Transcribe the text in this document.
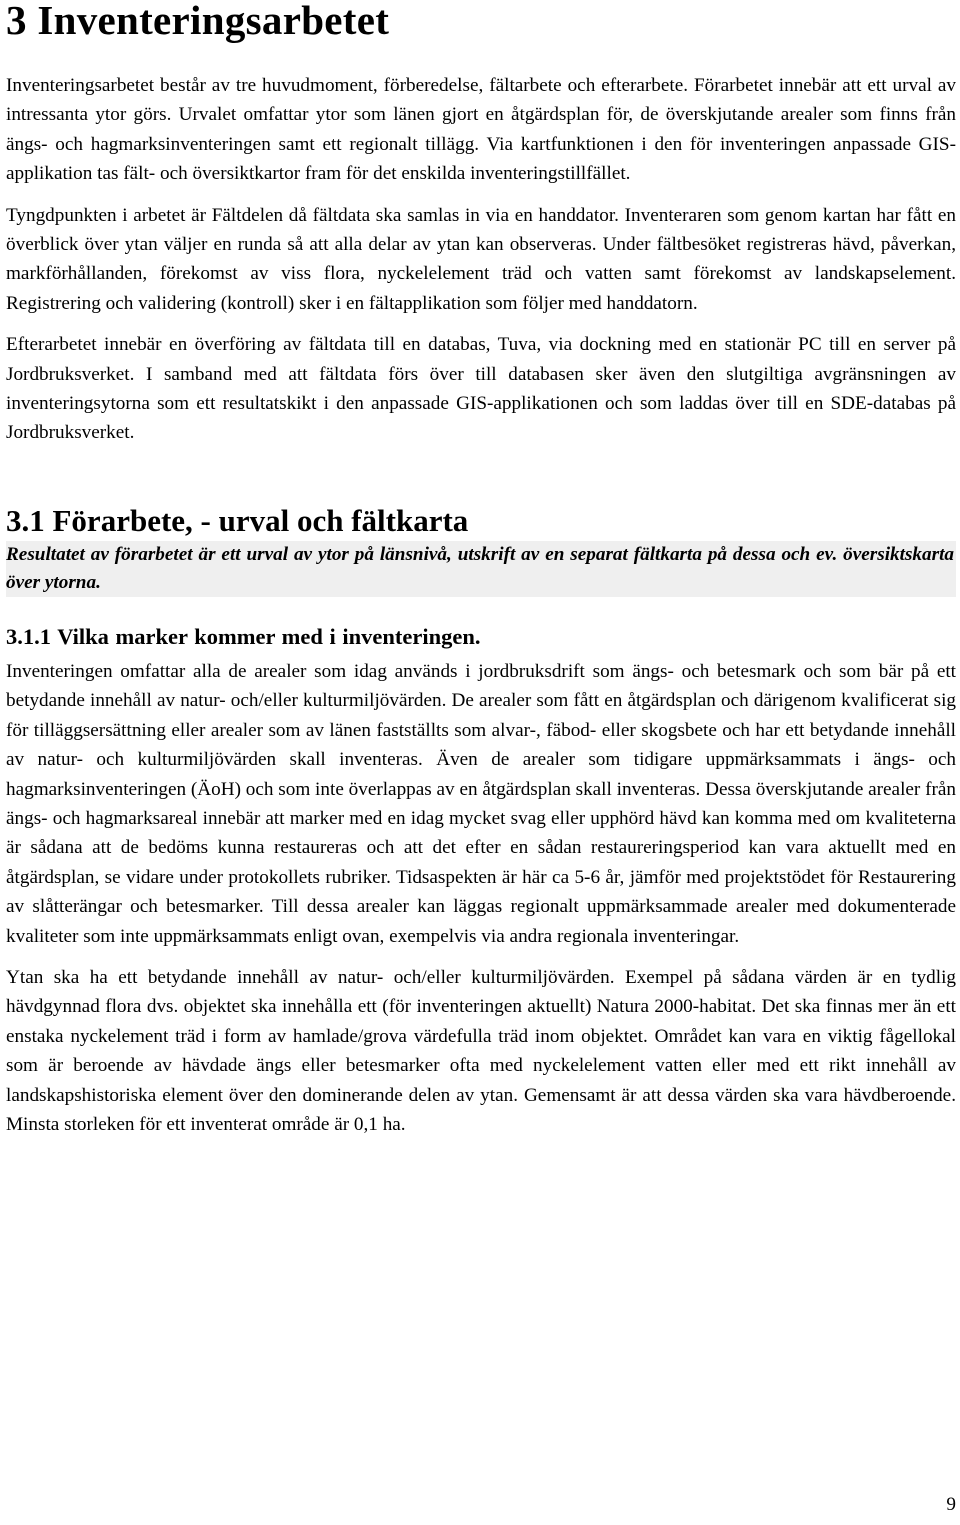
3 Inventeringsarbetet

Inventeringsarbetet består av tre huvudmoment, förberedelse, fältarbete och efterarbete. Förarbetet innebär att ett urval av intressanta ytor görs. Urvalet omfattar ytor som länen gjort en åtgärdsplan för, de överskjutande arealer som finns från ängs- och hagmarksinventeringen samt ett regionalt tillägg. Via kartfunktionen i den för inventeringen anpassade GIS-applikation tas fält- och översiktkartor fram för det enskilda inventeringstillfället.

Tyngdpunkten i arbetet är Fältdelen då fältdata ska samlas in via en handdator. Inventeraren som genom kartan har fått en överblick över ytan väljer en runda så att alla delar av ytan kan observeras. Under fältbesöket registreras hävd, påverkan, markförhållanden, förekomst av viss flora, nyckelelement träd och vatten samt förekomst av landskapselement. Registrering och validering (kontroll) sker i en fältapplikation som följer med handdatorn.

Efterarbetet innebär en överföring av fältdata till en databas, Tuva, via dockning med en stationär PC till en server på Jordbruksverket. I samband med att fältdata förs över till databasen sker även den slutgiltiga avgränsningen av inventeringsytorna som ett resultatskikt i den anpassade GIS-applikationen och som laddas över till en SDE-databas på Jordbruksverket.

3.1 Förarbete, - urval och fältkarta

Resultatet av förarbetet är ett urval av ytor på länsnivå, utskrift av en separat fältkarta på dessa och ev. översiktskarta över ytorna.

3.1.1 Vilka marker kommer med i inventeringen.

Inventeringen omfattar alla de arealer som idag används i jordbruksdrift som ängs- och betesmark och som bär på ett betydande innehåll av natur- och/eller kulturmiljövärden. De arealer som fått en åtgärdsplan och därigenom kvalificerat sig för tilläggsersättning eller arealer som av länen fastställts som alvar-, fäbod- eller skogsbete och har ett betydande innehåll av natur- och kulturmiljövärden skall inventeras. Även de arealer som tidigare uppmärksammats i ängs- och hagmarksinventeringen (ÄoH) och som inte överlappas av en åtgärdsplan skall inventeras. Dessa överskjutande arealer från ängs- och hagmarksareal innebär att marker med en idag mycket svag eller upphörd hävd kan komma med om kvaliteterna är sådana att de bedöms kunna restaureras och att det efter en sådan restaureringsperiod kan vara aktuellt med en åtgärdsplan, se vidare under protokollets rubriker. Tidsaspekten är här ca 5-6 år, jämför med projektstödet för Restaurering av slåtterängar och betesmarker. Till dessa arealer kan läggas regionalt uppmärksammade arealer med dokumenterade kvaliteter som inte uppmärksammats enligt ovan, exempelvis via andra regionala inventeringar.

Ytan ska ha ett betydande innehåll av natur- och/eller kulturmiljövärden. Exempel på sådana värden är en tydlig hävdgynnad flora dvs. objektet ska innehålla ett (för inventeringen aktuellt) Natura 2000-habitat. Det ska finnas mer än ett enstaka nyckelement träd i form av hamlade/grova värdefulla träd inom objektet. Området kan vara en viktig fågellokal som är beroende av hävdade ängs eller betesmarker ofta med nyckelelement vatten eller med ett rikt innehåll av landskapshistoriska element över den dominerande delen av ytan. Gemensamt är att dessa värden ska vara hävdberoende. Minsta storleken för ett inventerat område är 0,1 ha.

9
